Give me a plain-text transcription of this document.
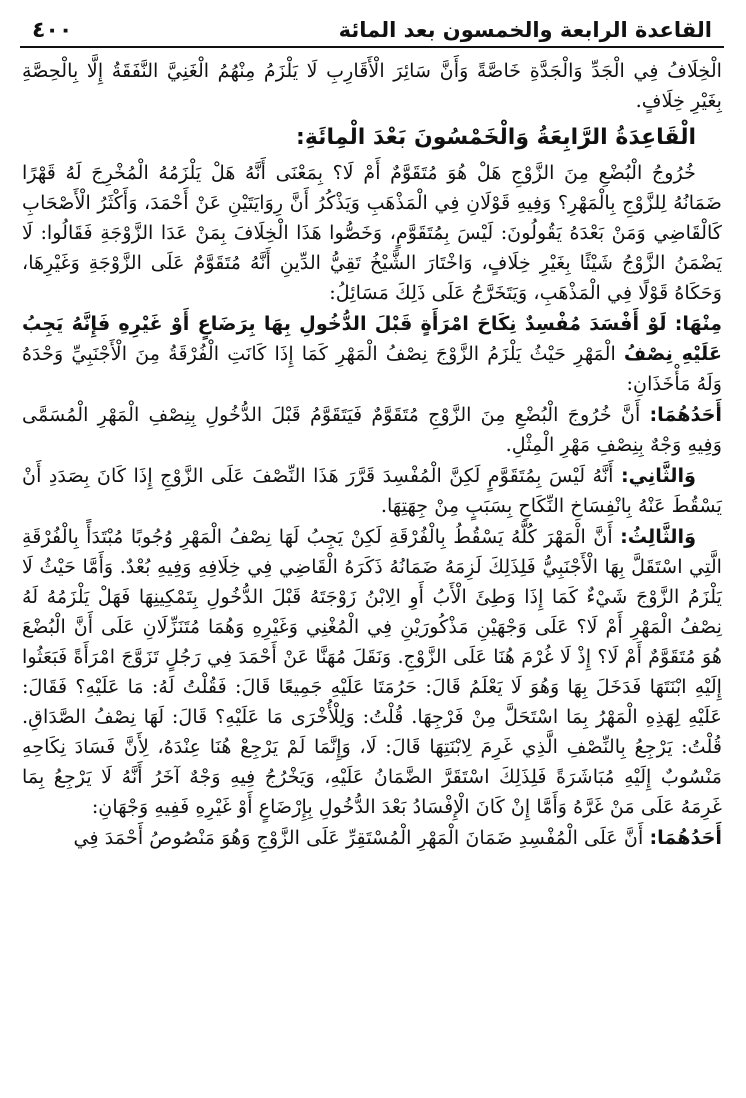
القاعدة الرابعة والخمسون بعد المائة
٤٠٠

الْخِلَافُ فِي الْجَدِّ وَالْجَدَّةِ خَاصَّةً وَأَنَّ سَائِرَ الْأَقَارِبِ لَا يَلْزَمُ مِنْهُمُ الْغَنِيَّ النَّفَقَةُ إِلَّا بِالْحِصَّةِ بِغَيْرِ خِلَافٍ.

الْقَاعِدَةُ الرَّابِعَةُ وَالْخَمْسُونَ بَعْدَ الْمِائَةِ:

خُرُوجُ الْبُضْعِ مِنَ الزَّوْجِ هَلْ هُوَ مُتَقَوَّمٌ أَمْ لَا؟ بِمَعْنَى أَنَّهُ هَلْ يَلْزَمُهُ الْمُخْرِجَ لَهُ قَهْرًا ضَمَانُهُ لِلزَّوْجِ بِالْمَهْرِ؟ وَفِيهِ قَوْلَانِ فِي الْمَذْهَبِ وَيَذْكُرُ أَنَّ رِوَايَتَيْنِ عَنْ أَحْمَدَ، وَأَكْثَرُ الْأَصْحَابِ كَالْقَاضِي وَمَنْ بَعْدَهُ يَقُولُونَ: لَيْسَ بِمُتَقَوَّمٍ، وَخَصُّوا هَذَا الْخِلَافَ بِمَنْ عَدَا الزَّوْجَةِ فَقَالُوا: لَا يَضْمَنُ الزَّوْجُ شَيْئًا بِغَيْرِ خِلَافٍ، وَاخْتَارَ الشَّيْخُ تَقِيُّ الدِّينِ أَنَّهُ مُتَقَوَّمٌ عَلَى الزَّوْجَةِ وَغَيْرِهَا، وَحَكَاهُ قَوْلًا فِي الْمَذْهَبِ، وَيَتَخَرَّجُ عَلَى ذَلِكَ مَسَائِلُ:

مِنْهَا: لَوْ أَفْسَدَ مُفْسِدٌ نِكَاحَ امْرَأَةٍ قَبْلَ الدُّخُولِ بِهَا بِرَضَاعٍ أَوْ غَيْرِهِ فَإِنَّهُ يَجِبُ عَلَيْهِ نِصْفُ الْمَهْرِ حَيْثُ يَلْزَمُ الزَّوْجَ نِصْفُ الْمَهْرِ كَمَا إِذَا كَانَتِ الْفُرْقَةُ مِنَ الْأَجْنَبِيِّ وَحْدَهُ وَلَهُ مَأْخَذَانِ:

أَحَدُهُمَا: أَنَّ خُرُوجَ الْبُضْعِ مِنَ الزَّوْجِ مُتَقَوَّمٌ فَيَتَقَوَّمُ قَبْلَ الدُّخُولِ بِنِصْفِ الْمَهْرِ الْمُسَمَّى وَفِيهِ وَجْهٌ بِنِصْفِ مَهْرِ الْمِثْلِ.

وَالثَّانِي: أَنَّهُ لَيْسَ بِمُتَقَوَّمٍ لَكِنَّ الْمُفْسِدَ قَرَّرَ هَذَا النِّصْفَ عَلَى الزَّوْجِ إِذَا كَانَ بِصَدَدِ أَنْ يَسْقُطَ عَنْهُ بِانْفِسَاخِ النِّكَاحِ بِسَبَبٍ مِنْ جِهَتِهَا.

وَالثَّالِثُ: أَنَّ الْمَهْرَ كُلَّهُ يَسْقُطُ بِالْفُرْقَةِ لَكِنْ يَجِبُ لَهَا نِصْفُ الْمَهْرِ وُجُوبًا مُبْتَدَأً بِالْفُرْقَةِ الَّتِي اسْتَقَلَّ بِهَا الْأَجْنَبِيُّ فَلِذَلِكَ لَزِمَهُ ضَمَانُهُ ذَكَرَهُ الْقَاضِي فِي خِلَافِهِ وَفِيهِ بُعْدٌ. وَأَمَّا حَيْثُ لَا يَلْزَمُ الزَّوْجَ شَيْءٌ كَمَا إِذَا وَطِئَ الْأَبُ أَوِ الِابْنُ زَوْجَتَهُ قَبْلَ الدُّخُولِ بِتَمْكِينِهَا فَهَلْ يَلْزَمُهُ لَهُ نِصْفُ الْمَهْرِ أَمْ لَا؟ عَلَى وَجْهَيْنِ مَذْكُورَيْنِ فِي الْمُغْنِي وَغَيْرِهِ وَهُمَا مُتَنَزِّلَانِ عَلَى أَنَّ الْبُضْعَ هُوَ مُتَقَوَّمٌ أَمْ لَا؟ إِذْ لَا غُرْمَ هُنَا عَلَى الزَّوْجِ. وَنَقَلَ مُهَنَّا عَنْ أَحْمَدَ فِي رَجُلٍ تَزَوَّجَ امْرَأَةً فَبَعَثُوا إِلَيْهِ ابْنَتَهَا فَدَخَلَ بِهَا وَهُوَ لَا يَعْلَمُ قَالَ: حَرُمَتَا عَلَيْهِ جَمِيعًا قَالَ: فَقُلْتُ لَهُ: مَا عَلَيْهِ؟ فَقَالَ: عَلَيْهِ لِهَذِهِ الْمَهْرُ بِمَا اسْتَحَلَّ مِنْ فَرْجِهَا. قُلْتُ: وَلِلْأُخْرَى مَا عَلَيْهِ؟ قَالَ: لَهَا نِصْفُ الصَّدَاقِ. قُلْتُ: يَرْجِعُ بِالنِّصْفِ الَّذِي غَرِمَ لِابْنَتِهَا قَالَ: لَا، وَإِنَّمَا لَمْ يَرْجِعْ هُنَا عِنْدَهُ، لِأَنَّ فَسَادَ نِكَاحِهِ مَنْسُوبٌ إِلَيْهِ مُبَاشَرَةً فَلِذَلِكَ اسْتَقَرَّ الضَّمَانُ عَلَيْهِ، وَيَخْرُجُ فِيهِ وَجْهٌ آخَرُ أَنَّهُ لَا يَرْجِعُ بِمَا غَرِمَهُ عَلَى مَنْ غَرَّهُ وَأَمَّا إِنْ كَانَ الْإِفْسَادُ بَعْدَ الدُّخُولِ بِإِرْضَاعٍ أَوْ غَيْرِهِ فَفِيهِ وَجْهَانِ:

أَحَدُهُمَا: أَنَّ عَلَى الْمُفْسِدِ ضَمَانَ الْمَهْرِ الْمُسْتَقِرِّ عَلَى الزَّوْجِ وَهُوَ مَنْصُوصُ أَحْمَدَ فِي
